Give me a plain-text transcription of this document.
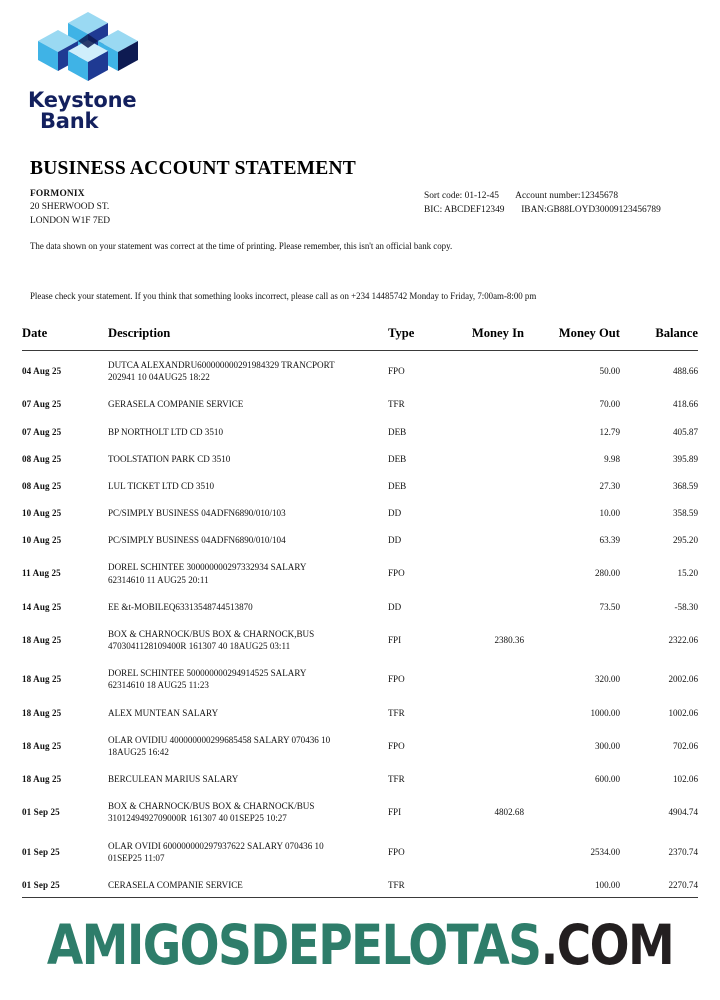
Keystone
Bank
BUSINESS ACCOUNT STATEMENT
FORMONIX
20 SHERWOOD ST.
LONDON W1F 7ED
Sort code: 01-12-45 Account number:12345678
BIC: ABCDEF12349 IBAN:GB88LOYD30009123456789
The data shown on your statement was correct at the time of printing. Please remember, this isn't an official bank copy.
Please check your statement. If you think that something looks incorrect, please call as on +234 14485742 Monday to Friday, 7:00am-8:00 pm
Date	Description	Type	Money In	Money Out	Balance
04 Aug 25	DUTCA ALEXANDRU600000000291984329 TRANCPORT
202941 10 04AUG25 18:22	FPO		50.00	488.66
07 Aug 25	GERASELA COMPANIE SERVICE	TFR		70.00	418.66
07 Aug 25	BP NORTHOLT LTD CD 3510	DEB		12.79	405.87
08 Aug 25	TOOLSTATION PARK CD 3510	DEB		9.98	395.89
08 Aug 25	LUL TICKET LTD CD 3510	DEB		27.30	368.59
10 Aug 25	PC/SIMPLY BUSINESS 04ADFN6890/010/103	DD		10.00	358.59
10 Aug 25	PC/SIMPLY BUSINESS 04ADFN6890/010/104	DD		63.39	295.20
11 Aug 25	DOREL SCHINTEE 300000000297332934 SALARY
62314610 11 AUG25 20:11	FPO		280.00	15.20
14 Aug 25	EE &t-MOBILEQ63313548744513870	DD		73.50	-58.30
18 Aug 25	BOX & CHARNOCK/BUS BOX & CHARNOCK,BUS
4703041128109400R 161307 40 18AUG25 03:11	FPI	2380.36		2322.06
18 Aug 25	DOREL SCHINTEE 500000000294914525 SALARY
62314610 18 AUG25 11:23	FPO		320.00	2002.06
18 Aug 25	ALEX MUNTEAN SALARY	TFR		1000.00	1002.06
18 Aug 25	OLAR OVIDIU 400000000299685458 SALARY 070436 10
18AUG25 16:42	FPO		300.00	702.06
18 Aug 25	BERCULEAN MARIUS SALARY	TFR		600.00	102.06
01 Sep 25	BOX & CHARNOCK/BUS BOX & CHARNOCK/BUS
3101249492709000R 161307 40 01SEP25 10:27	FPI	4802.68		4904.74
01 Sep 25	OLAR OVIDI 600000000297937622 SALARY 070436 10
01SEP25 11:07	FPO		2534.00	2370.74
01 Sep 25	CERASELA COMPANIE SERVICE	TFR		100.00	2270.74
AMIGOSDEPELOTAS.COM
